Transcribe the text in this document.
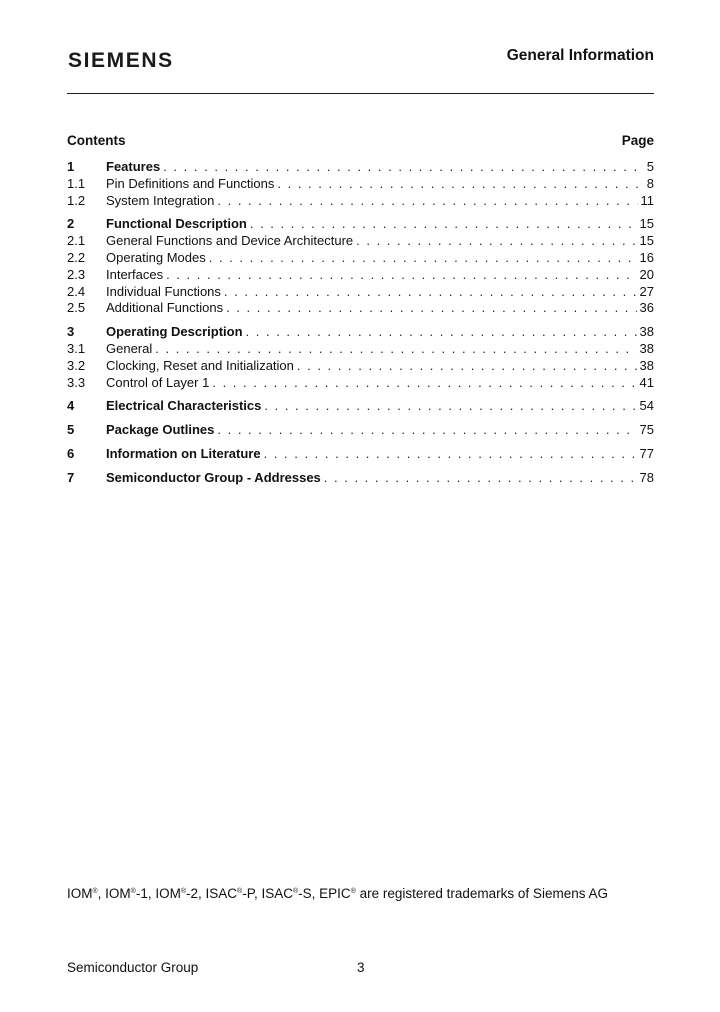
SIEMENS	General Information
Contents	Page
1	Features . . .	5
1.1	Pin Definitions and Functions . . .	8
1.2	System Integration . . .	11
2	Functional Description . . .	15
2.1	General Functions and Device Architecture . . .	15
2.2	Operating Modes . . .	16
2.3	Interfaces . . .	20
2.4	Individual Functions . . .	27
2.5	Additional Functions . . .	36
3	Operating Description . . .	38
3.1	General . . .	38
3.2	Clocking, Reset and Initialization . . .	38
3.3	Control of Layer 1 . . .	41
4	Electrical Characteristics . . .	54
5	Package Outlines . . .	75
6	Information on Literature . . .	77
7	Semiconductor Group - Addresses . . .	78
IOM®, IOM®-1, IOM®-2, ISAC®-P, ISAC®-S, EPIC® are registered trademarks of Siemens AG
Semiconductor Group	3
